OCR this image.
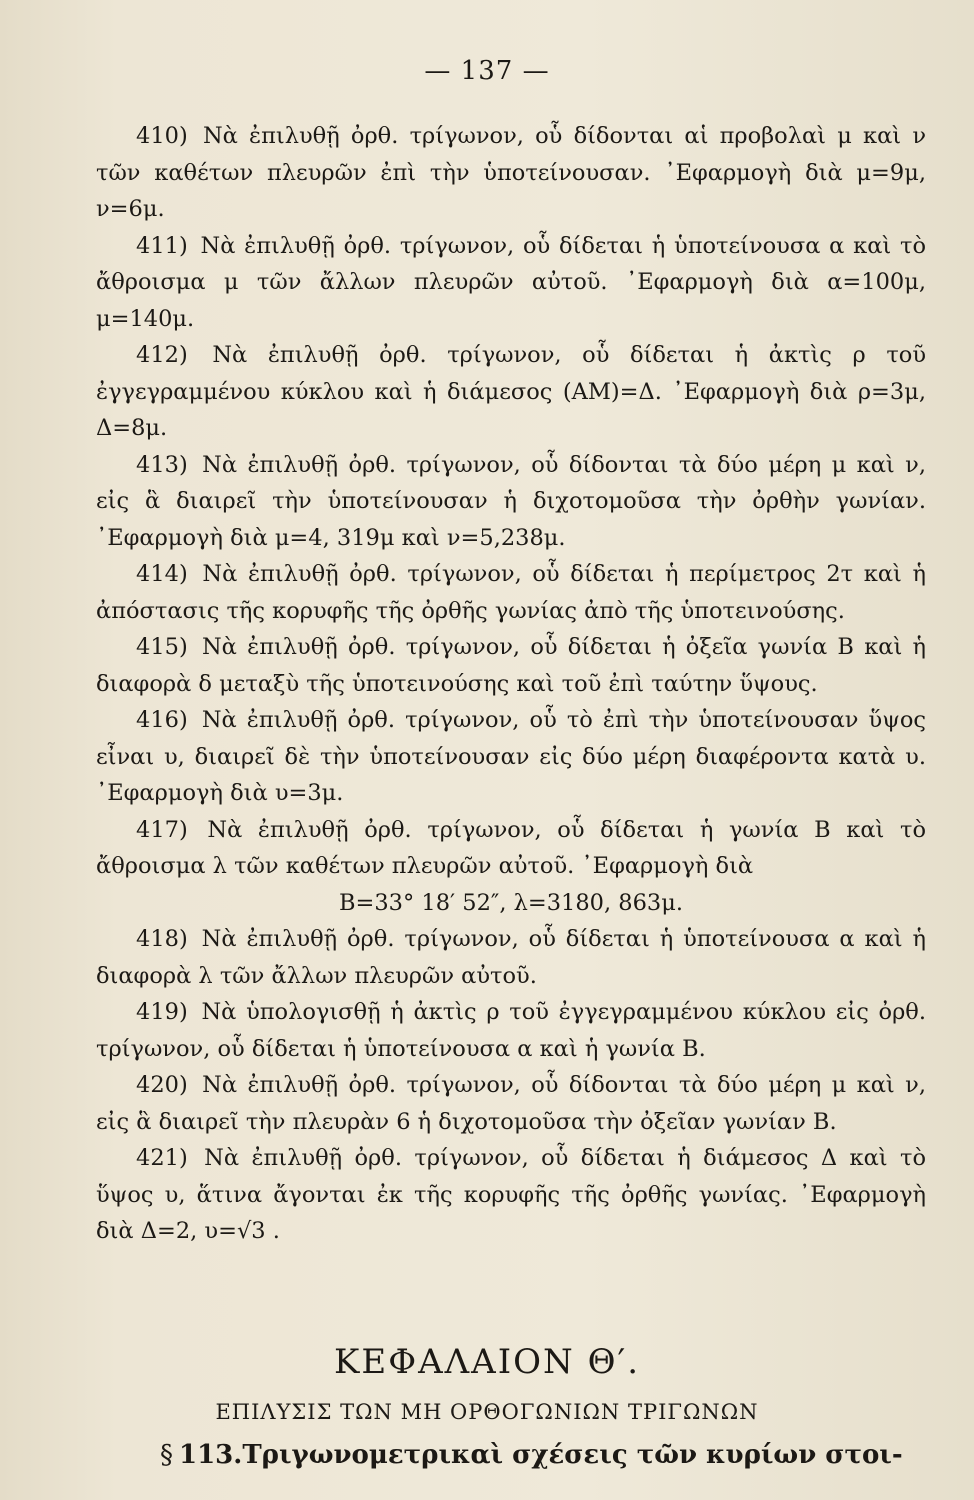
— 137 —

410) Νὰ ἐπιλυθῇ ὀρθ. τρίγωνον, οὗ δίδονται αἱ προβολαὶ μ καὶ ν τῶν καθέτων πλευρῶν ἐπὶ τὴν ὑποτείνουσαν. ᾿Εφαρμογὴ διὰ μ=9μ, ν=6μ.

411) Νὰ ἐπιλυθῇ ὀρθ. τρίγωνον, οὗ δίδεται ἡ ὑποτείνουσα α καὶ τὸ ἄθροισμα μ τῶν ἄλλων πλευρῶν αὐτοῦ. ᾿Εφαρμογὴ διὰ α=100μ, μ=140μ.

412) Νὰ ἐπιλυθῇ ὀρθ. τρίγωνον, οὗ δίδεται ἡ ἀκτὶς ρ τοῦ ἐγγεγραμμένου κύκλου καὶ ἡ διάμεσος (ΑΜ)=Δ. ᾿Εφαρμογὴ διὰ ρ=3μ, Δ=8μ.

413) Νὰ ἐπιλυθῇ ὀρθ. τρίγωνον, οὗ δίδονται τὰ δύο μέρη μ καὶ ν, εἰς ἃ διαιρεῖ τὴν ὑποτείνουσαν ἡ διχοτομοῦσα τὴν ὀρθὴν γωνίαν. ᾿Εφαρμογὴ διὰ μ=4, 319μ καὶ ν=5,238μ.

414) Νὰ ἐπιλυθῇ ὀρθ. τρίγωνον, οὗ δίδεται ἡ περίμετρος 2τ καὶ ἡ ἀπόστασις τῆς κορυφῆς τῆς ὀρθῆς γωνίας ἀπὸ τῆς ὑποτεινούσης.

415) Νὰ ἐπιλυθῇ ὀρθ. τρίγωνον, οὗ δίδεται ἡ ὀξεῖα γωνία Β καὶ ἡ διαφορὰ δ μεταξὺ τῆς ὑποτεινούσης καὶ τοῦ ἐπὶ ταύτην ὕψους.

416) Νὰ ἐπιλυθῇ ὀρθ. τρίγωνον, οὗ τὸ ἐπὶ τὴν ὑποτείνουσαν ὕψος εἶναι υ, διαιρεῖ δὲ τὴν ὑποτείνουσαν εἰς δύο μέρη διαφέροντα κατὰ υ. ᾿Εφαρμογὴ διὰ υ=3μ.

417) Νὰ ἐπιλυθῇ ὀρθ. τρίγωνον, οὗ δίδεται ἡ γωνία Β καὶ τὸ ἄθροισμα λ τῶν καθέτων πλευρῶν αὐτοῦ. ᾿Εφαρμογὴ διὰ

Β=33° 18′ 52″, λ=3180, 863μ.

418) Νὰ ἐπιλυθῇ ὀρθ. τρίγωνον, οὗ δίδεται ἡ ὑποτείνουσα α καὶ ἡ διαφορὰ λ τῶν ἄλλων πλευρῶν αὐτοῦ.

419) Νὰ ὑπολογισθῇ ἡ ἀκτὶς ρ τοῦ ἐγγεγραμμένου κύκλου εἰς ὀρθ. τρίγωνον, οὗ δίδεται ἡ ὑποτείνουσα α καὶ ἡ γωνία Β.

420) Νὰ ἐπιλυθῇ ὀρθ. τρίγωνον, οὗ δίδονται τὰ δύο μέρη μ καὶ ν, εἰς ἃ διαιρεῖ τὴν πλευρὰν 6 ἡ διχοτομοῦσα τὴν ὀξεῖαν γωνίαν Β.

421) Νὰ ἐπιλυθῇ ὀρθ. τρίγωνον, οὗ δίδεται ἡ διάμεσος Δ καὶ τὸ ὕψος υ, ἅτινα ἄγονται ἐκ τῆς κορυφῆς τῆς ὀρθῆς γωνίας. ᾿Εφαρμογὴ διὰ Δ=2, υ=√3 .

ΚΕΦΑΛΑΙΟΝ Θ′.
ΕΠΙΛΥΣΙΣ ΤΩΝ ΜΗ ΟΡΘΟΓΩΝΙΩΝ ΤΡΙΓΩΝΩΝ
§ 113.Τριγωνομετρικαὶ σχέσεις τῶν κυρίων στοι-
